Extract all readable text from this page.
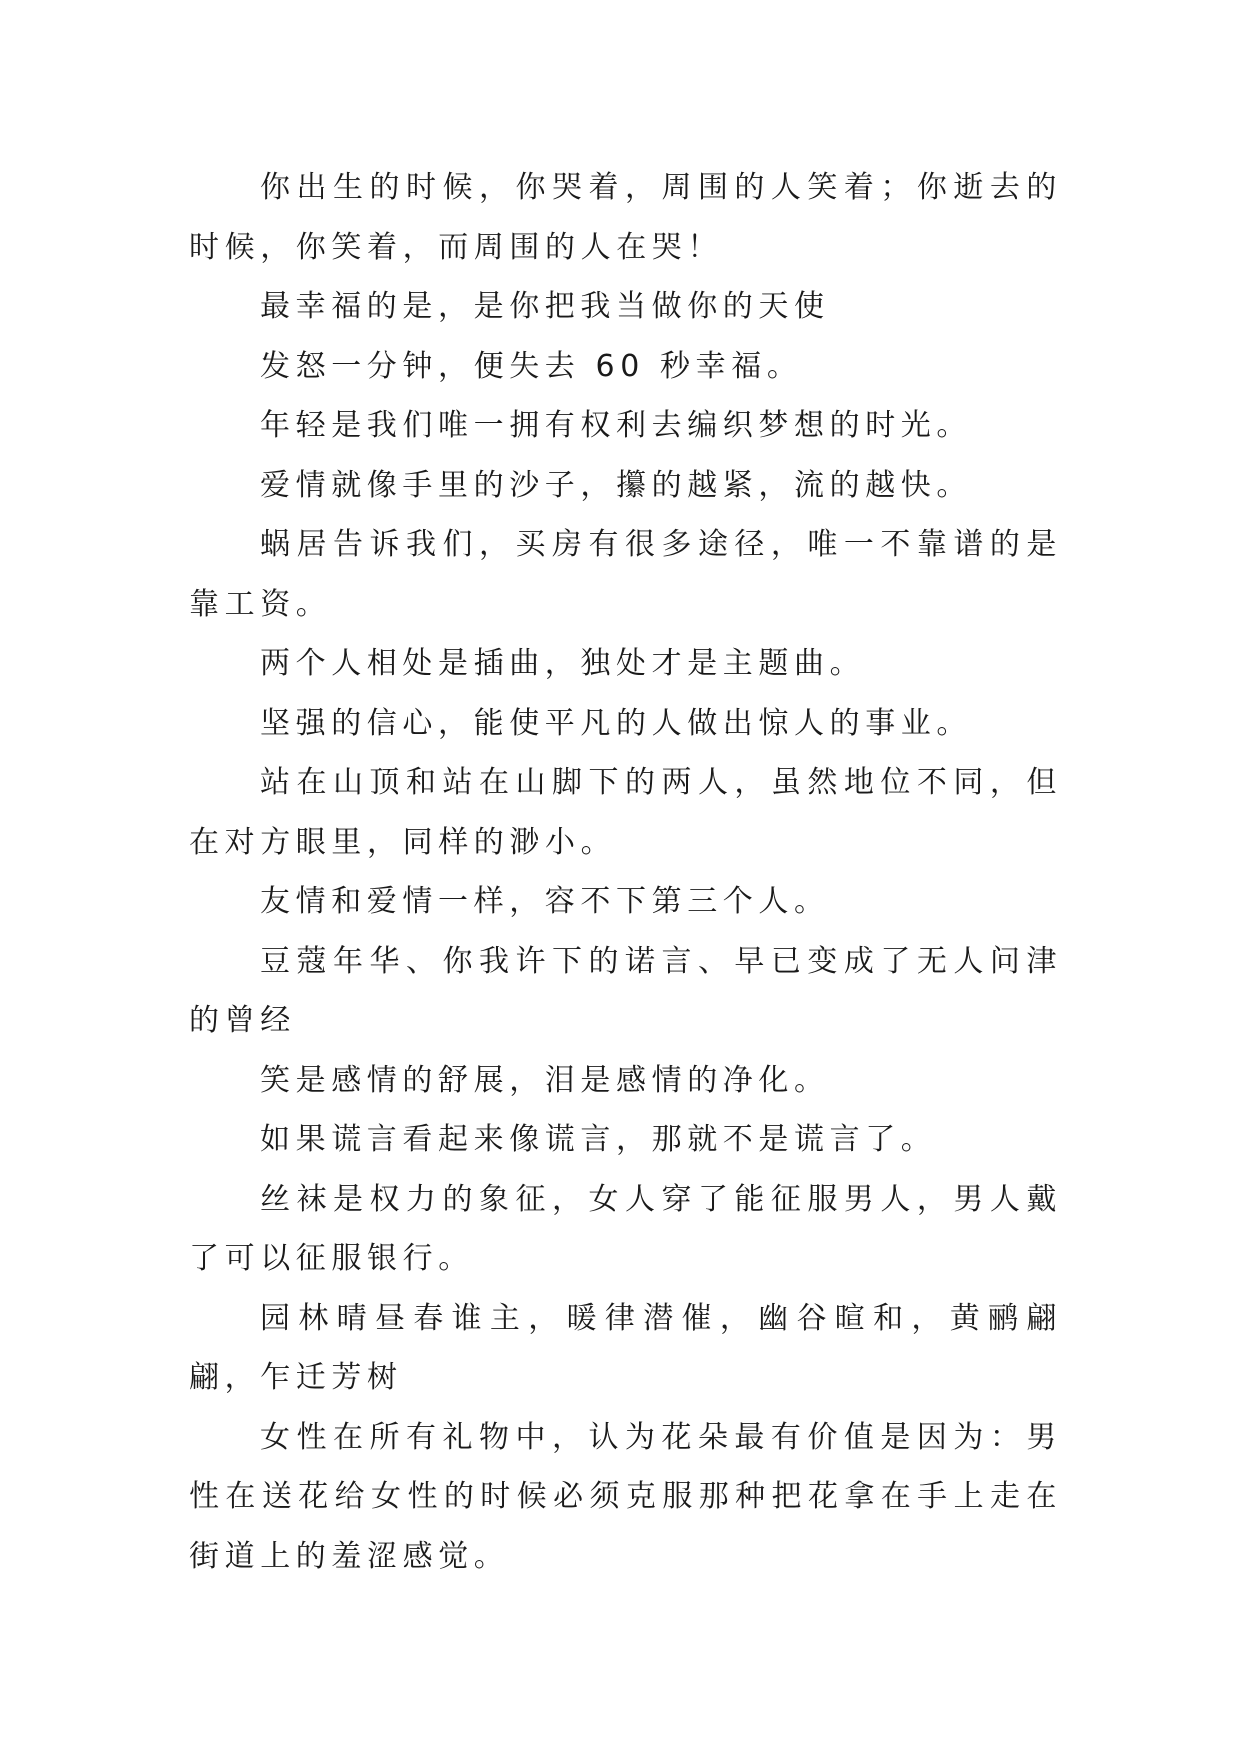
你出生的时候，你哭着，周围的人笑着；你逝去的时候，你笑着，而周围的人在哭！

最幸福的是，是你把我当做你的天使

发怒一分钟，便失去 60 秒幸福。

年轻是我们唯一拥有权利去编织梦想的时光。

爱情就像手里的沙子，攥的越紧，流的越快。

蜗居告诉我们，买房有很多途径，唯一不靠谱的是靠工资。

两个人相处是插曲，独处才是主题曲。

坚强的信心，能使平凡的人做出惊人的事业。

站在山顶和站在山脚下的两人，虽然地位不同，但在对方眼里，同样的渺小。

友情和爱情一样，容不下第三个人。

豆蔻年华、你我许下的诺言、早已变成了无人问津的曾经

笑是感情的舒展，泪是感情的净化。

如果谎言看起来像谎言，那就不是谎言了。

丝袜是权力的象征，女人穿了能征服男人，男人戴了可以征服银行。

园林晴昼春谁主，暖律潜催，幽谷暄和，黄鹂翩翩，乍迁芳树

女性在所有礼物中，认为花朵最有价值是因为：男性在送花给女性的时候必须克服那种把花拿在手上走在街道上的羞涩感觉。
